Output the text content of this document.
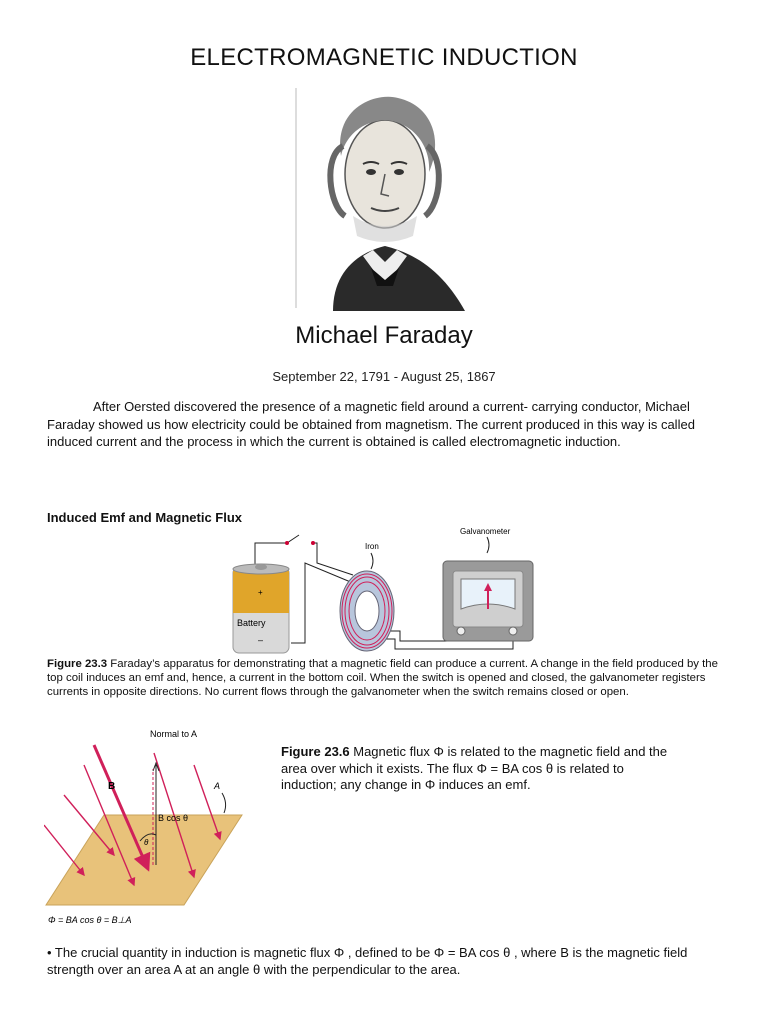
ELECTROMAGNETIC INDUCTION
Michael Faraday
September 22, 1791 - August 25, 1867

After Oersted discovered the presence of a magnetic field around a current- carrying conductor, Michael Faraday showed us how electricity could be obtained from magnetism. The current produced in this way is called induced current and the process in which the current is obtained is called electromagnetic induction.

Induced Emf and Magnetic Flux
+
Battery
–
Iron
Galvanometer

Figure 23.3 Faraday’s apparatus for demonstrating that a magnetic field can produce a current. A change in the field produced by the top coil induces an emf and, hence, a current in the bottom coil. When the switch is opened and closed, the galvanometer registers currents in opposite directions. No current flows through the galvanometer when the switch remains closed or open.

Normal to A
B	A
B cos θ
θ
Φ = BA cos θ = B⊥A

Figure 23.6 Magnetic flux Φ is related to the magnetic field and the area over which it exists. The flux Φ = BA cos θ is related to induction; any change in Φ induces an emf.

• The crucial quantity in induction is magnetic flux Φ , defined to be Φ = BA cos θ , where B is the magnetic field strength over an area A at an angle θ with the perpendicular to the area.
